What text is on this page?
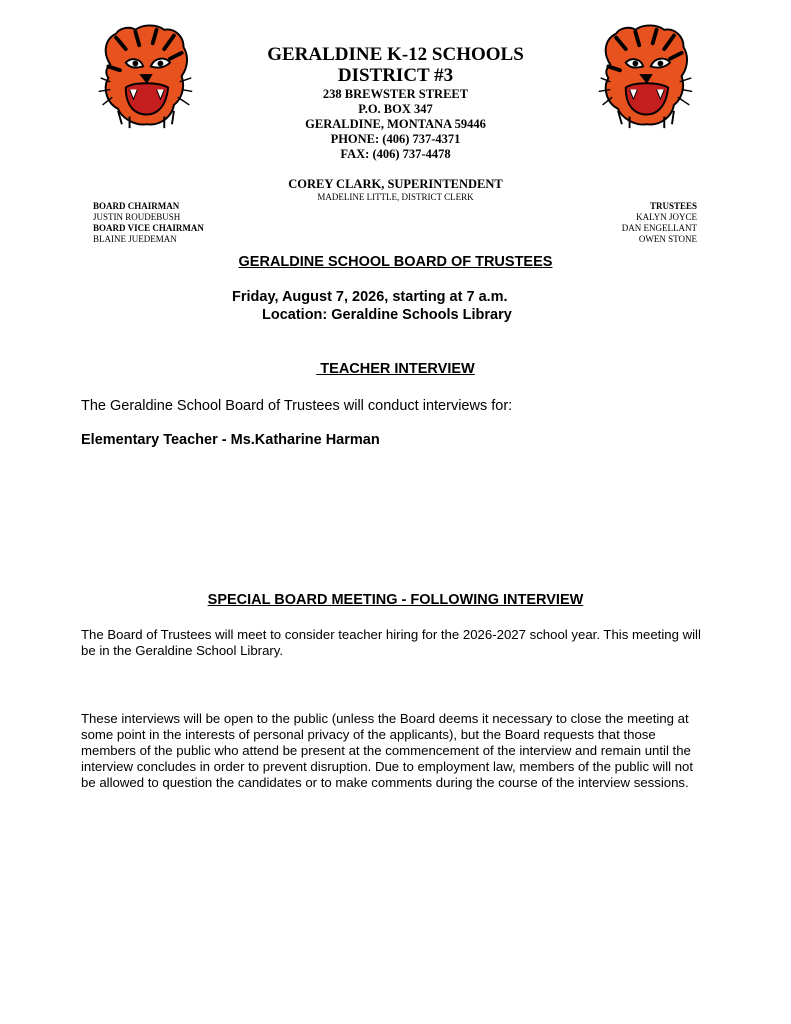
GERALDINE K-12 SCHOOLS
DISTRICT #3
238 BREWSTER STREET
P.O. BOX 347
GERALDINE, MONTANA 59446
PHONE: (406) 737-4371
FAX: (406) 737-4478
COREY CLARK, SUPERINTENDENT
MADELINE LITTLE, DISTRICT CLERK
BOARD CHAIRMAN
JUSTIN ROUDEBUSH
BOARD VICE CHAIRMAN
BLAINE JUEDEMAN
TRUSTEES
KALYN JOYCE
DAN ENGELLANT
OWEN STONE
GERALDINE SCHOOL BOARD OF TRUSTEES
Friday, August 7, 2026, starting at 7 a.m.
Location: Geraldine Schools Library
TEACHER INTERVIEW
The Geraldine School Board of Trustees will conduct interviews for:
Elementary Teacher - Ms.Katharine Harman
SPECIAL BOARD MEETING - FOLLOWING INTERVIEW
The Board of Trustees will meet to consider teacher hiring for the 2026-2027 school year. This meeting will be in the Geraldine School Library.
These interviews will be open to the public (unless the Board deems it necessary to close the meeting at some point in the interests of personal privacy of the applicants), but the Board requests that those members of the public who attend be present at the commencement of the interview and remain until the interview concludes in order to prevent disruption. Due to employment law, members of the public will not be allowed to question the candidates or to make comments during the course of the interview sessions.
